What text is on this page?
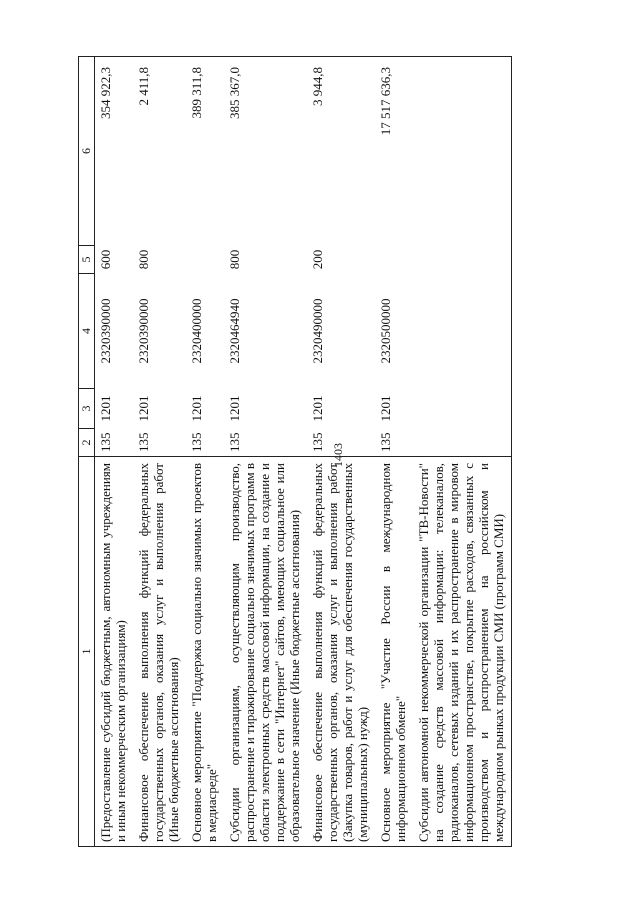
1403
1	2	3	4	5	6
(Предоставление субсидий бюджетным, автономным учреждениям и иным некоммерческим организациям)	135	1201	2320390000	600	354 922,3
Финансовое обеспечение выполнения функций федеральных государственных органов, оказания услуг и выполнения работ (Иные бюджетные ассигнования)	135	1201	2320390000	800	2 411,8
Основное мероприятие "Поддержка социально значимых проектов в медиасреде"	135	1201	2320400000		389 311,8
Субсидии организациям, осуществляющим производство, распространение и тиражирование социально значимых программ в области электронных средств массовой информации, на создание и поддержание в сети "Интернет" сайтов, имеющих социальное или образовательное значение (Иные бюджетные ассигнования)	135	1201	2320464940	800	385 367,0
Финансовое обеспечение выполнения функций федеральных государственных органов, оказания услуг и выполнения работ (Закупка товаров, работ и услуг для обеспечения государственных (муниципальных) нужд)	135	1201	2320490000	200	3 944,8
Основное мероприятие "Участие России в международном информационном обмене"	135	1201	2320500000		17 517 636,3
Субсидии автономной некоммерческой организации "ТВ-Новости" на создание средств массовой информации: телеканалов, радиоканалов, сетевых изданий и их распространение в мировом информационном пространстве, покрытие расходов, связанных с производством и распространением на российском и международном рынках продукции СМИ (программ СМИ)					
